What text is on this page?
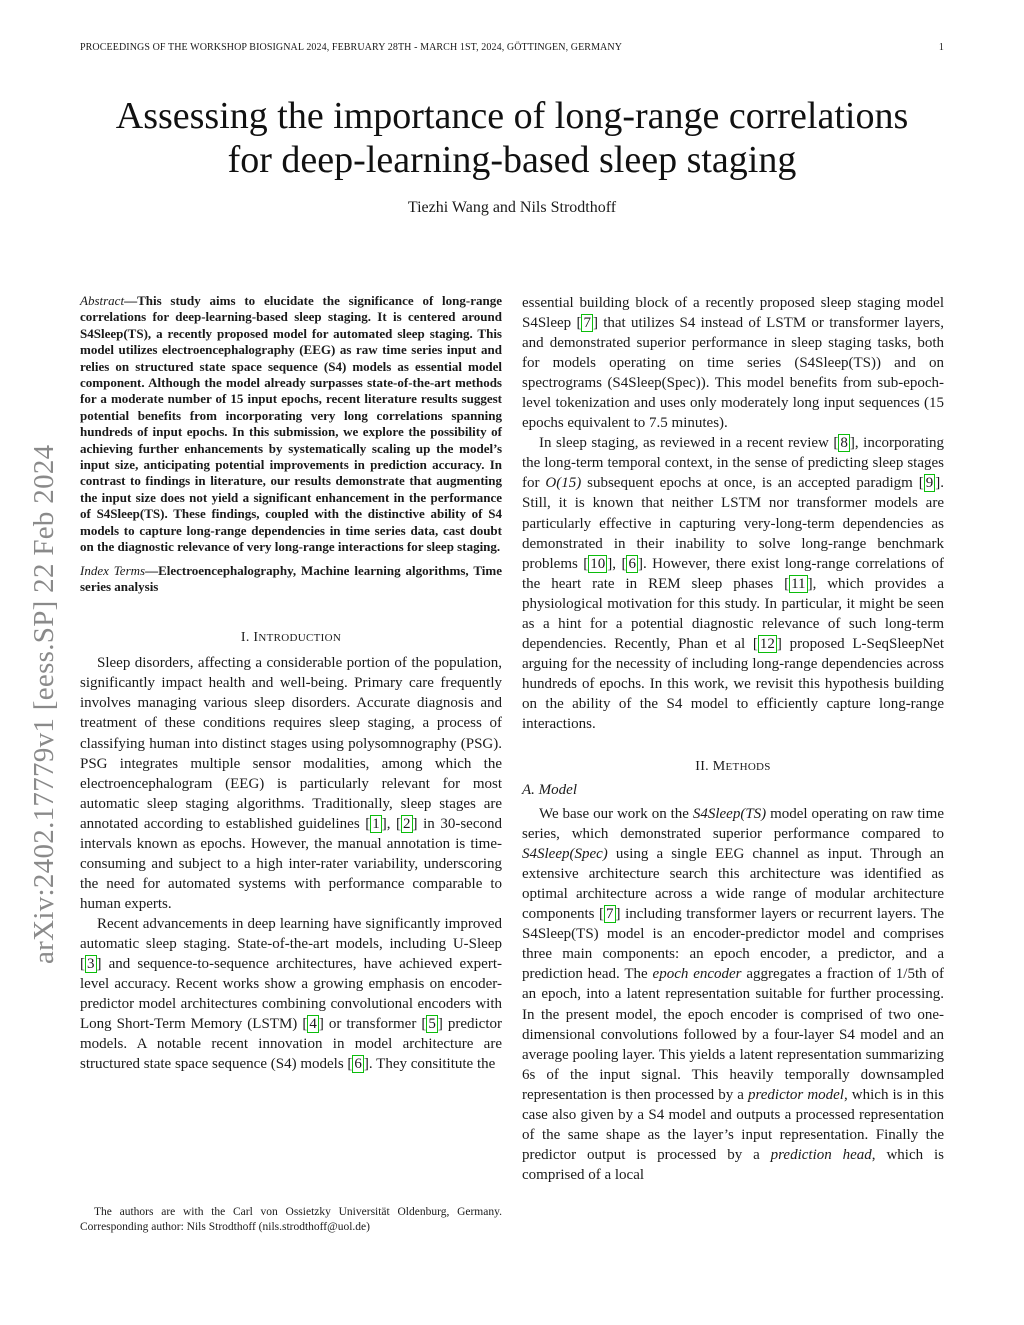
PROCEEDINGS OF THE WORKSHOP BIOSIGNAL 2024, FEBRUARY 28TH - MARCH 1ST, 2024, GÖTTINGEN, GERMANY	1
Assessing the importance of long-range correlations
for deep-learning-based sleep staging
Tiezhi Wang and Nils Strodthoff
arXiv:2402.17779v1 [eess.SP] 22 Feb 2024

Abstract—This study aims to elucidate the significance of long-range correlations for deep-learning-based sleep staging. It is centered around S4Sleep(TS), a recently proposed model for automated sleep staging. This model utilizes electroencephalography (EEG) as raw time series input and relies on structured state space sequence (S4) models as essential model component. Although the model already surpasses state-of-the-art methods for a moderate number of 15 input epochs, recent literature results suggest potential benefits from incorporating very long correlations spanning hundreds of input epochs. In this submission, we explore the possibility of achieving further enhancements by systematically scaling up the model’s input size, anticipating potential improvements in prediction accuracy. In contrast to findings in literature, our results demonstrate that augmenting the input size does not yield a significant enhancement in the performance of S4Sleep(TS). These findings, coupled with the distinctive ability of S4 models to capture long-range dependencies in time series data, cast doubt on the diagnostic relevance of very long-range interactions for sleep staging.

Index Terms—Electroencephalography, Machine learning algorithms, Time series analysis

I. INTRODUCTION

Sleep disorders, affecting a considerable portion of the population, significantly impact health and well-being. Primary care frequently involves managing various sleep disorders. Accurate diagnosis and treatment of these conditions requires sleep staging, a process of classifying human into distinct stages using polysomnography (PSG). PSG integrates multiple sensor modalities, among which the electroencephalogram (EEG) is particularly relevant for most automatic sleep staging algorithms. Traditionally, sleep stages are annotated according to established guidelines [ 1 ], [ 2 ] in 30-second intervals known as epochs. However, the manual annotation is time-consuming and subject to a high inter-rater variability, underscoring the need for automated systems with performance comparable to human experts.

Recent advancements in deep learning have significantly improved automatic sleep staging. State-of-the-art models, including U-Sleep [ 3 ] and sequence-to-sequence architectures, have achieved expert-level accuracy. Recent works show a growing emphasis on encoder-predictor model architectures combining convolutional encoders with Long Short-Term Memory (LSTM) [ 4 ] or transformer [ 5 ] predictor models. A notable recent innovation in model architecture are structured state space sequence (S4) models [ 6 ]. They consititute the

The authors are with the Carl von Ossietzky Universität Oldenburg, Germany. Corresponding author: Nils Strodthoff (nils.strodthoff@uol.de)

essential building block of a recently proposed sleep staging model S4Sleep [ 7 ] that utilizes S4 instead of LSTM or transformer layers, and demonstrated superior performance in sleep staging tasks, both for models operating on time series (S4Sleep(TS)) and on spectrograms (S4Sleep(Spec)). This model benefits from sub-epoch-level tokenization and uses only moderately long input sequences (15 epochs equivalent to 7.5 minutes).

In sleep staging, as reviewed in a recent review [ 8 ], incorporating the long-term temporal context, in the sense of predicting sleep stages for O(15) subsequent epochs at once, is an accepted paradigm [ 9 ]. Still, it is known that neither LSTM nor transformer models are particularly effective in capturing very-long-term dependencies as demonstrated in their inability to solve long-range benchmark problems [ 10 ], [ 6 ]. However, there exist long-range correlations of the heart rate in REM sleep phases [ 11 ], which provides a physiological motivation for this study. In particular, it might be seen as a hint for a potential diagnostic relevance of such long-term dependencies. Recently, Phan et al [ 12 ] proposed L-SeqSleepNet arguing for the necessity of including long-range dependencies across hundreds of epochs. In this work, we revisit this hypothesis building on the ability of the S4 model to efficiently capture long-range interactions.

II. METHODS
A. Model

We base our work on the S4Sleep(TS) model operating on raw time series, which demonstrated superior performance compared to S4Sleep(Spec) using a single EEG channel as input. Through an extensive architecture search this architecture was identified as optimal architecture across a wide range of modular architecture components [ 7 ] including transformer layers or recurrent layers. The S4Sleep(TS) model is an encoder-predictor model and comprises three main components: an epoch encoder, a predictor, and a prediction head. The epoch encoder aggregates a fraction of 1/5th of an epoch, into a latent representation suitable for further processing. In the present model, the epoch encoder is comprised of two one-dimensional convolutions followed by a four-layer S4 model and an average pooling layer. This yields a latent representation summarizing 6s of the input signal. This heavily temporally downsampled representation is then processed by a predictor model, which is in this case also given by a S4 model and outputs a processed representation of the same shape as the layer’s input representation. Finally the predictor output is processed by a prediction head, which is comprised of a local
